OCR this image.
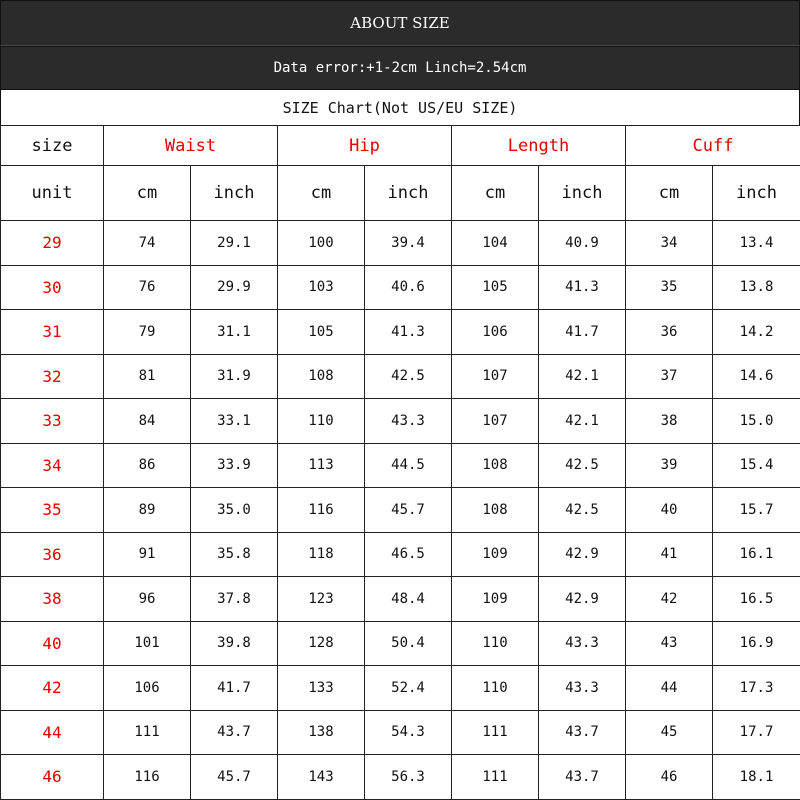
ABOUT SIZE
Data error:+1-2cm Linch=2.54cm
SIZE Chart(Not US/EU SIZE)
size	Waist		Hip		Length		Cuff	
unit	cm	inch	cm	inch	cm	inch	cm	inch
29	74	29.1	100	39.4	104	40.9	34	13.4
30	76	29.9	103	40.6	105	41.3	35	13.8
31	79	31.1	105	41.3	106	41.7	36	14.2
32	81	31.9	108	42.5	107	42.1	37	14.6
33	84	33.1	110	43.3	107	42.1	38	15.0
34	86	33.9	113	44.5	108	42.5	39	15.4
35	89	35.0	116	45.7	108	42.5	40	15.7
36	91	35.8	118	46.5	109	42.9	41	16.1
38	96	37.8	123	48.4	109	42.9	42	16.5
40	101	39.8	128	50.4	110	43.3	43	16.9
42	106	41.7	133	52.4	110	43.3	44	17.3
44	111	43.7	138	54.3	111	43.7	45	17.7
46	116	45.7	143	56.3	111	43.7	46	18.1
